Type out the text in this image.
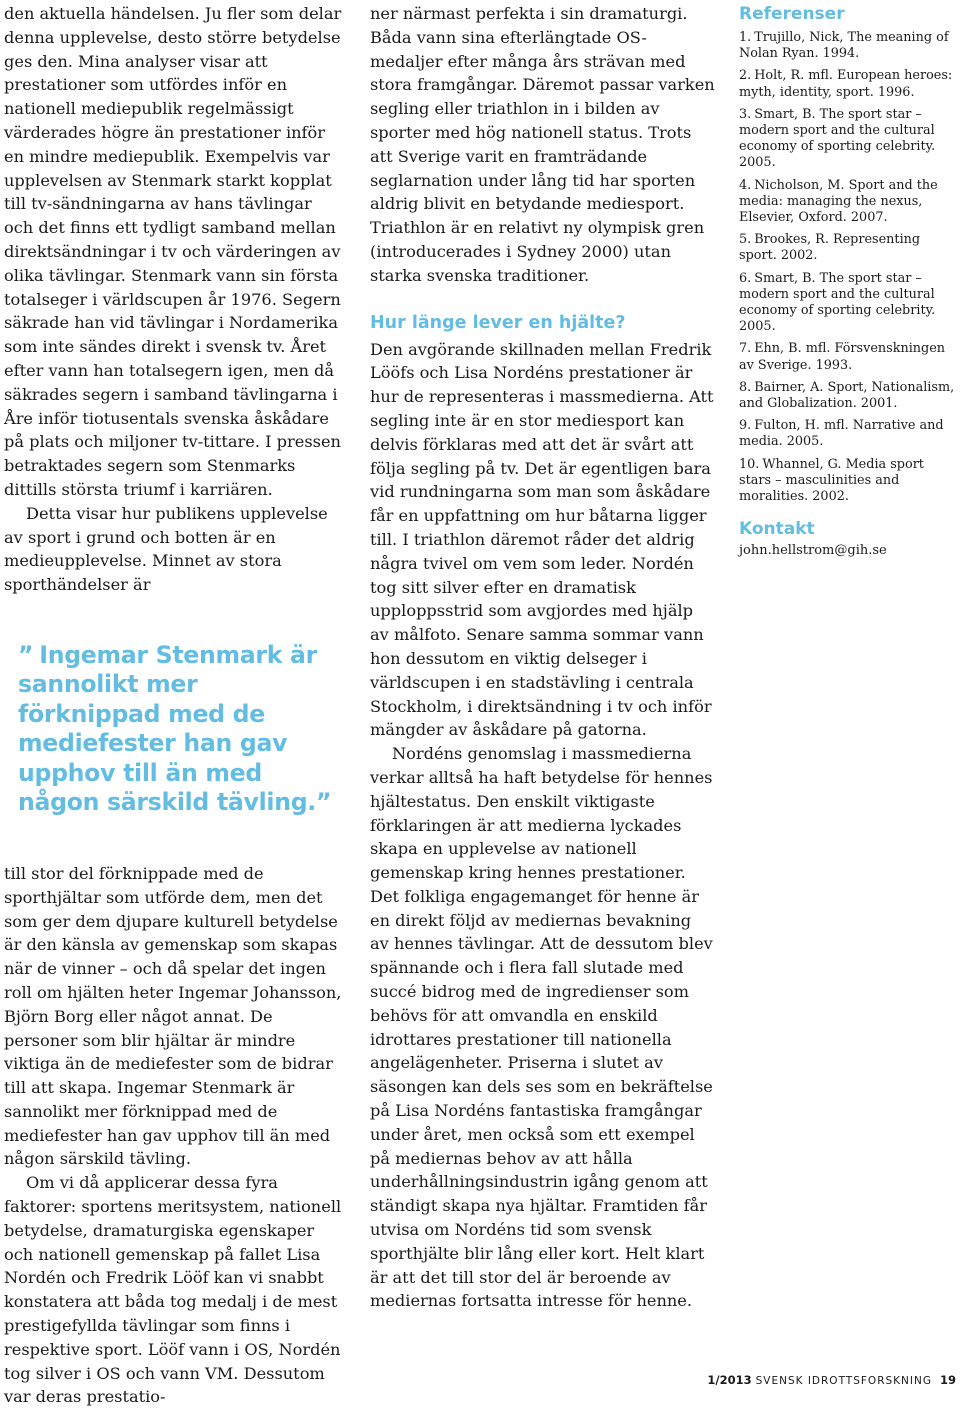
den aktuella händelsen. Ju fler som delar denna upplevelse, desto större betydelse ges den. Mina analyser visar att prestationer som utfördes inför en nationell mediepublik regelmässigt värderades högre än prestationer inför en mindre mediepublik. Exempelvis var upplevelsen av Stenmark starkt kopplat till tv-sändningarna av hans tävlingar och det finns ett tydligt samband mellan direktsändningar i tv och värderingen av olika tävlingar. Stenmark vann sin första totalseger i världscupen år 1976. Segern säkrade han vid tävlingar i Nordamerika som inte sändes direkt i svensk tv. Året efter vann han totalsegern igen, men då säkrades segern i samband tävlingarna i Åre inför tiotusentals svenska åskådare på plats och miljoner tv-tittare. I pressen betraktades segern som Stenmarks dittills största triumf i karriären.

Detta visar hur publikens upplevelse av sport i grund och botten är en medieupplevelse. Minnet av stora sporthändelser är

” Ingemar Stenmark är sannolikt mer förknippad med de mediefester han gav upphov till än med någon särskild tävling.”

till stor del förknippade med de sporthjältar som utförde dem, men det som ger dem djupare kulturell betydelse är den känsla av gemenskap som skapas när de vinner – och då spelar det ingen roll om hjälten heter Ingemar Johansson, Björn Borg eller något annat. De personer som blir hjältar är mindre viktiga än de mediefester som de bidrar till att skapa. Ingemar Stenmark är sannolikt mer förknippad med de mediefester han gav upphov till än med någon särskild tävling.

Om vi då applicerar dessa fyra faktorer: sportens meritsystem, nationell betydelse, dramaturgiska egenskaper och nationell gemenskap på fallet Lisa Nordén och Fredrik Lööf kan vi snabbt konstatera att båda tog medalj i de mest prestigefyllda tävlingar som finns i respektive sport. Lööf vann i OS, Nordén tog silver i OS och vann VM. Dessutom var deras prestatio-

ner närmast perfekta i sin dramaturgi. Båda vann sina efterlängtade OS-medaljer efter många års strävan med stora framgångar. Däremot passar varken segling eller triathlon in i bilden av sporter med hög nationell status. Trots att Sverige varit en framträdande seglarnation under lång tid har sporten aldrig blivit en betydande mediesport. Triathlon är en relativt ny olympisk gren (introducerades i Sydney 2000) utan starka svenska traditioner.

Hur länge lever en hjälte?

Den avgörande skillnaden mellan Fredrik Lööfs och Lisa Nordéns prestationer är hur de representeras i massmedierna. Att segling inte är en stor mediesport kan delvis förklaras med att det är svårt att följa segling på tv. Det är egentligen bara vid rundningarna som man som åskådare får en uppfattning om hur båtarna ligger till. I triathlon däremot råder det aldrig några tvivel om vem som leder. Nordén tog sitt silver efter en dramatisk upploppsstrid som avgjordes med hjälp av målfoto. Senare samma sommar vann hon dessutom en viktig delseger i världscupen i en stadstävling i centrala Stockholm, i direktsändning i tv och inför mängder av åskådare på gatorna.

Nordéns genomslag i massmedierna verkar alltså ha haft betydelse för hennes hjältestatus. Den enskilt viktigaste förklaringen är att medierna lyckades skapa en upplevelse av nationell gemenskap kring hennes prestationer. Det folkliga engagemanget för henne är en direkt följd av mediernas bevakning av hennes tävlingar. Att de dessutom blev spännande och i flera fall slutade med succé bidrog med de ingredienser som behövs för att omvandla en enskild idrottares prestationer till nationella angelägenheter. Priserna i slutet av säsongen kan dels ses som en bekräftelse på Lisa Nordéns fantastiska framgångar under året, men också som ett exempel på mediernas behov av att hålla underhållningsindustrin igång genom att ständigt skapa nya hjältar. Framtiden får utvisa om Nordéns tid som svensk sporthjälte blir lång eller kort. Helt klart är att det till stor del är beroende av mediernas fortsatta intresse för henne.

Referenser
1. Trujillo, Nick, The meaning of Nolan Ryan. 1994.
2. Holt, R. mfl. European heroes: myth, identity, sport. 1996.
3. Smart, B. The sport star – modern sport and the cultural economy of sporting celebrity. 2005.
4. Nicholson, M. Sport and the media: managing the nexus, Elsevier, Oxford. 2007.
5. Brookes, R. Representing sport. 2002.
6. Smart, B. The sport star – modern sport and the cultural economy of sporting celebrity. 2005.
7. Ehn, B. mfl. Försvenskningen av Sverige. 1993.
8. Bairner, A. Sport, Nationalism, and Globalization. 2001.
9. Fulton, H. mfl. Narrative and media. 2005.
10. Whannel, G. Media sport stars – masculinities and moralities. 2002.
Kontakt
john.hellstrom@gih.se
1/2013 SVENSK IDROTTSFORSKNING 19
